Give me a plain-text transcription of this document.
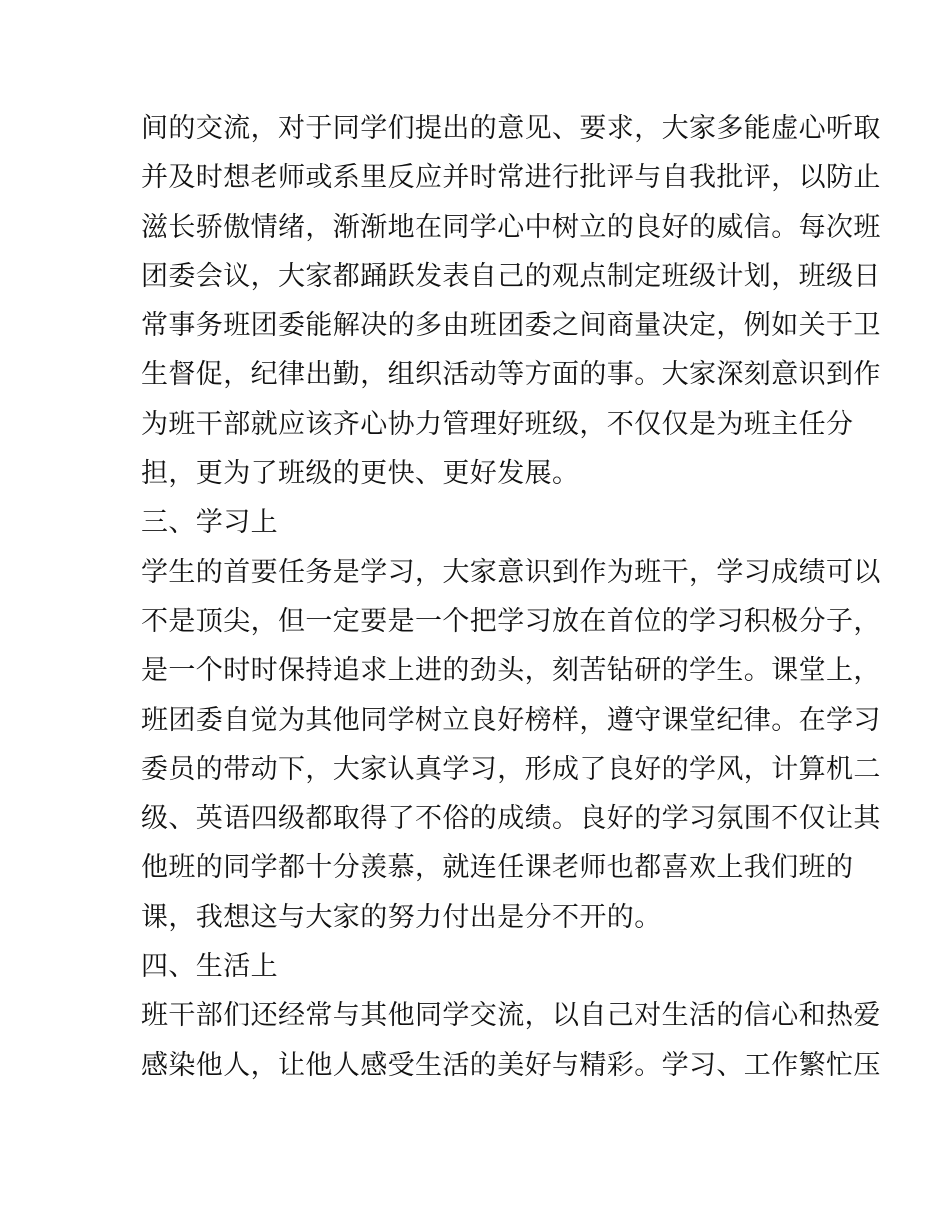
间的交流，对于同学们提出的意见、要求，大家多能虚心听取
并及时想老师或系里反应并时常进行批评与自我批评，以防止
滋长骄傲情绪，渐渐地在同学心中树立的良好的威信。每次班
团委会议，大家都踊跃发表自己的观点制定班级计划，班级日
常事务班团委能解决的多由班团委之间商量决定，例如关于卫
生督促，纪律出勤，组织活动等方面的事。大家深刻意识到作
为班干部就应该齐心协力管理好班级，不仅仅是为班主任分
担，更为了班级的更快、更好发展。
三、学习上
学生的首要任务是学习，大家意识到作为班干，学习成绩可以
不是顶尖，但一定要是一个把学习放在首位的学习积极分子，
是一个时时保持追求上进的劲头，刻苦钻研的学生。课堂上，
班团委自觉为其他同学树立良好榜样，遵守课堂纪律。在学习
委员的带动下，大家认真学习，形成了良好的学风，计算机二
级、英语四级都取得了不俗的成绩。良好的学习氛围不仅让其
他班的同学都十分羡慕，就连任课老师也都喜欢上我们班的
课，我想这与大家的努力付出是分不开的。
四、生活上
班干部们还经常与其他同学交流，以自己对生活的信心和热爱
感染他人，让他人感受生活的美好与精彩。学习、工作繁忙压
